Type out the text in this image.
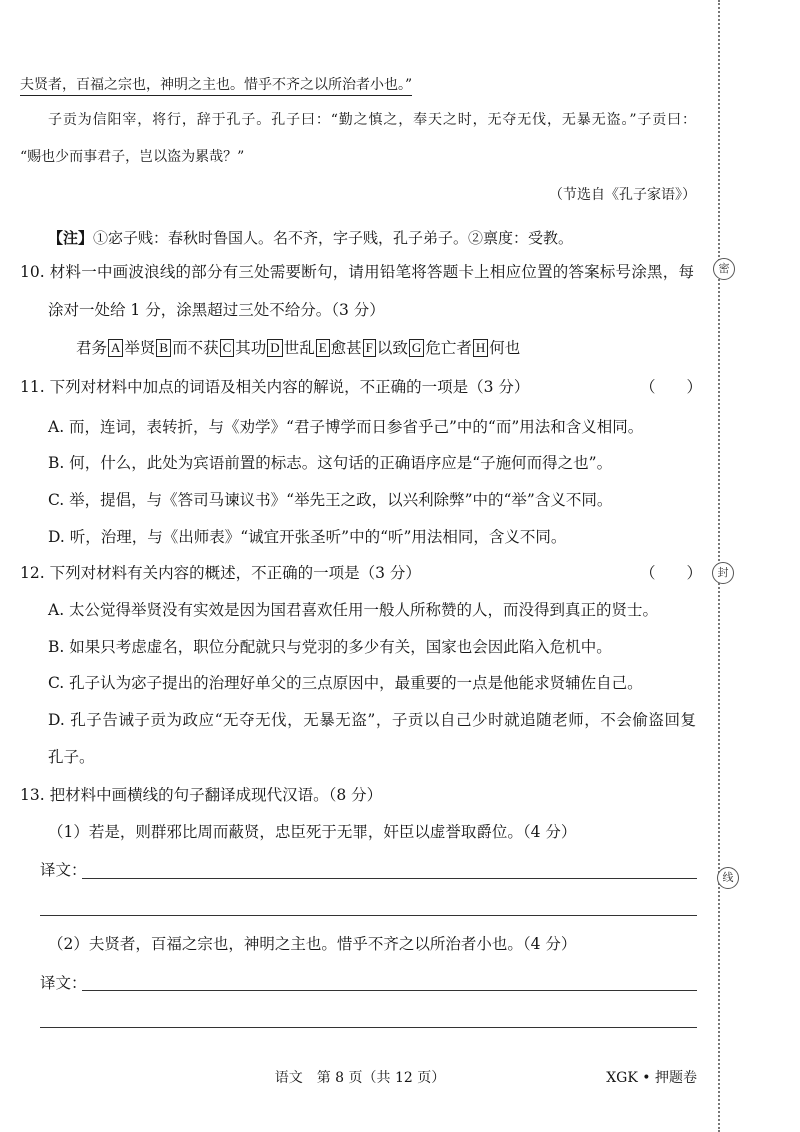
夫贤者，百福之宗也，神明之主也。惜乎不齐之以所治者小也。”
子贡为信阳宰，将行，辞于孔子。孔子曰：“勤之慎之，奉天之时，无夺无伐，无暴无盗。”子贡曰：
“赐也少而事君子，岂以盗为累哉？”
（节选自《孔子家语》）
【注】①宓子贱：春秋时鲁国人。名不齐，字子贱，孔子弟子。②禀度：受教。
10. 材料一中画波浪线的部分有三处需要断句，请用铅笔将答题卡上相应位置的答案标号涂黑，每
涂对一处给 1 分，涂黑超过三处不给分。（3 分）
君务 A 举贤 B 而不获 C 其功 D 世乱 E 愈甚 F 以致 G 危亡者 H 何也
11. 下列对材料中加点的词语及相关内容的解说，不正确的一项是（3 分）	（　　）
A. 而，连词，表转折，与《劝学》“君子博学而日参省乎己”中的“而”用法和含义相同。
B. 何，什么，此处为宾语前置的标志。这句话的正确语序应是“子施何而得之也”。
C. 举，提倡，与《答司马谏议书》“举先王之政，以兴利除弊”中的“举”含义不同。
D. 听，治理，与《出师表》“诚宜开张圣听”中的“听”用法相同，含义不同。
12. 下列对材料有关内容的概述，不正确的一项是（3 分）	（　　）
A. 太公觉得举贤没有实效是因为国君喜欢任用一般人所称赞的人，而没得到真正的贤士。
B. 如果只考虑虚名，职位分配就只与党羽的多少有关，国家也会因此陷入危机中。
C. 孔子认为宓子提出的治理好单父的三点原因中，最重要的一点是他能求贤辅佐自己。
D. 孔子告诫子贡为政应“无夺无伐，无暴无盗”，子贡以自己少时就追随老师，不会偷盗回复
孔子。
13. 把材料中画横线的句子翻译成现代汉语。（8 分）
（1）若是，则群邪比周而蔽贤，忠臣死于无罪，奸臣以虚誉取爵位。（4 分）
译文：
（2）夫贤者，百福之宗也，神明之主也。惜乎不齐之以所治者小也。（4 分）
译文：
语文　第 8 页（共 12 页）	XGK • 押题卷
密
封
线
